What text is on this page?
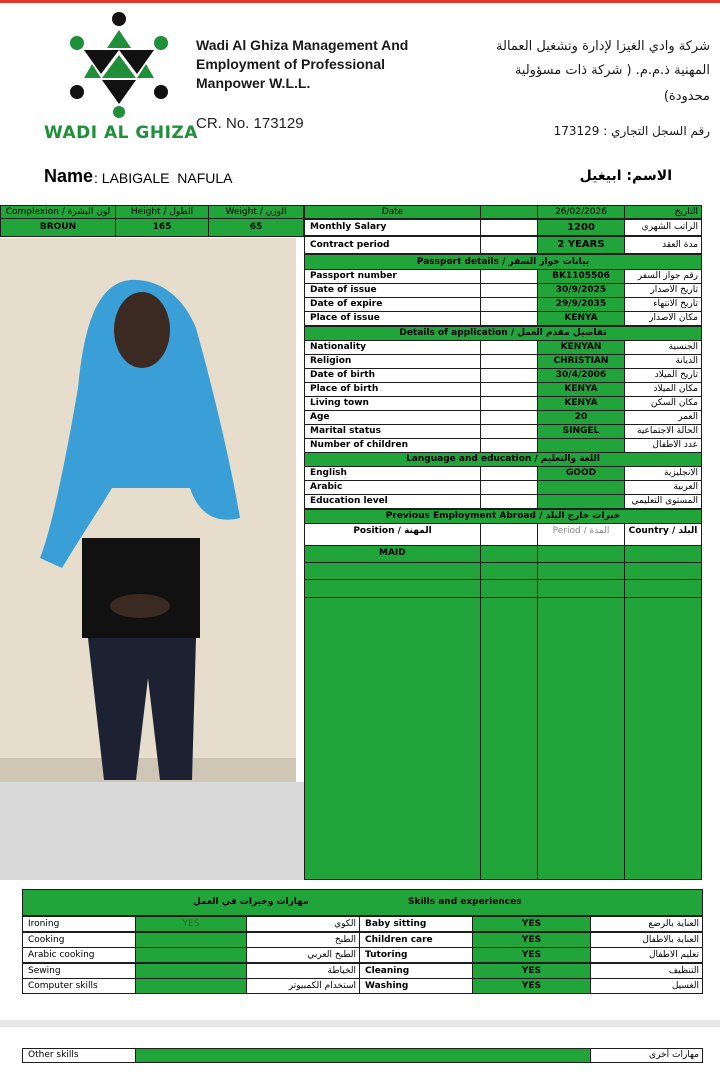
WADI AL GHIZA
Wadi Al Ghiza Management And
Employment of Professional
Manpower W.L.L.
CR. No. 173129
شركة وادي الغيزا لإدارة وتشغيل العمالة
المهنية ذ.م.م. ( شركة ذات مسؤولية
محدودة)
رقم السجل التجاري : 173129
Name : LABIGALE  NAFULA	الاسم: ابيغيل
Complexion / لون البشرة	Height / الطول	Weight / الوزن
BROUN	165	65
Date	26/02/2026	التاريخ
Monthly Salary	1200	الراتب الشهري
Contract period	2 YEARS	مدة العقد
Passport details / بيانات جواز السفر
Passport number	BK1105506	رقم جواز السفر
Date of issue	30/9/2025	تاريخ الاصدار
Date of expire	29/9/2035	تاريخ الانتهاء
Place of issue	KENYA	مكان الاصدار
Details of application / تفاصيل مقدم العمل
Nationality	KENYAN	الجنسية
Religion	CHRISTIAN	الديانة
Date of birth	30/4/2006	تاريخ الميلاد
Place of birth	KENYA	مكان الميلاد
Living town	KENYA	مكان السكن
Age	20	العمر
Marital status	SINGEL	الحالة الاجتماعية
Number of children	عدد الاطفال
Language and education / اللغة والتعليم
English	GOOD	الانجليزية
Arabic	العربية
Education level	المستوى التعليمي
Previous Employment Abroad / خبرات خارج البلد
Position / المهنة	Period / المدة	Country / البلد
MAID
مهارات وخبرات في العمل	Skills and experiences
Ironing	YES	الكوي
Cooking	الطبخ
Arabic cooking	الطبخ العربي
Sewing	الخياطة
Computer skills	استخدام الكمبيوتر
Baby sitting	YES	العناية بالرضع
Children care	YES	العناية بالاطفال
Tutoring	YES	تعليم الاطفال
Cleaning	YES	التنظيف
Washing	YES	الغسيل
Other skills	مهارات أخرى
